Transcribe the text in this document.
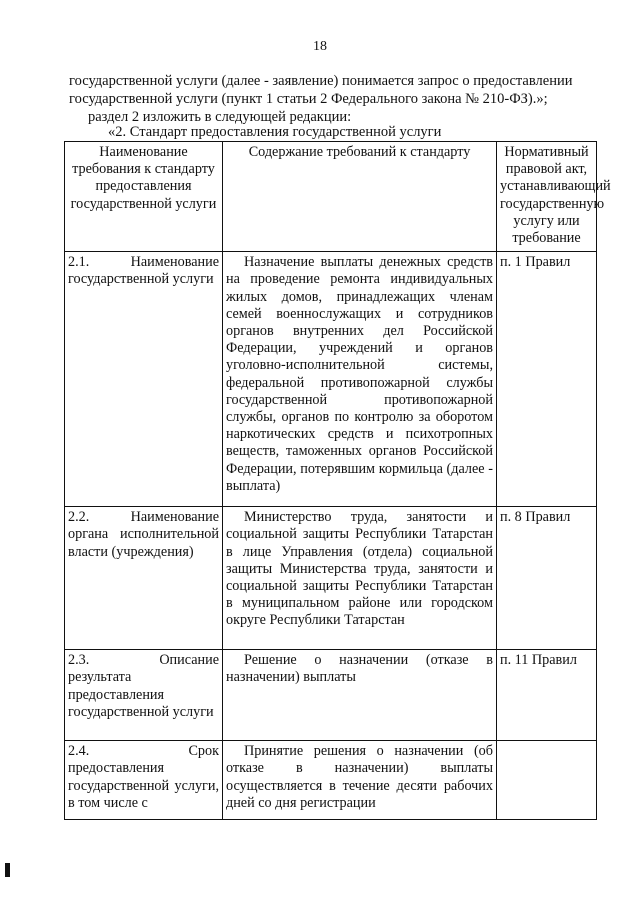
18
государственной услуги (далее - заявление) понимается запрос о предоставлении
государственной услуги (пункт 1 статьи 2 Федерального закона № 210-ФЗ).»;
раздел 2 изложить в следующей редакции:
«2. Стандарт предоставления государственной услуги
Наименование требования к стандарту предоставления государственной услуги	Содержание требований к стандарту	Нормативный правовой акт, устанавливающий государственную услугу или требование
2.1. Наименование государственной услуги	Назначение выплаты денежных средств на проведение ремонта индивидуальных жилых домов, принадлежащих членам семей военнослужащих и сотрудников органов внутренних дел Российской Федерации, учреждений и органов уголовно-исполнительной системы, федеральной противопожарной службы государственной противопожарной службы, органов по контролю за оборотом наркотических средств и психотропных веществ, таможенных органов Российской Федерации, потерявшим кормильца (далее - выплата)	п. 1 Правил
2.2. Наименование органа исполнительной власти (учреждения)	Министерство труда, занятости и социальной защиты Республики Татарстан в лице Управления (отдела) социальной защиты Министерства труда, занятости и социальной защиты Республики Татарстан в муниципальном районе или городском округе Республики Татарстан	п. 8 Правил
2.3. Описание результата предоставления государственной услуги	Решение о назначении (отказе в назначении) выплаты	п. 11 Правил
2.4. Срок предоставления государственной услуги, в том числе с	Принятие решения о назначении (об отказе в назначении) выплаты осуществляется в течение десяти рабочих дней со дня регистрации	
